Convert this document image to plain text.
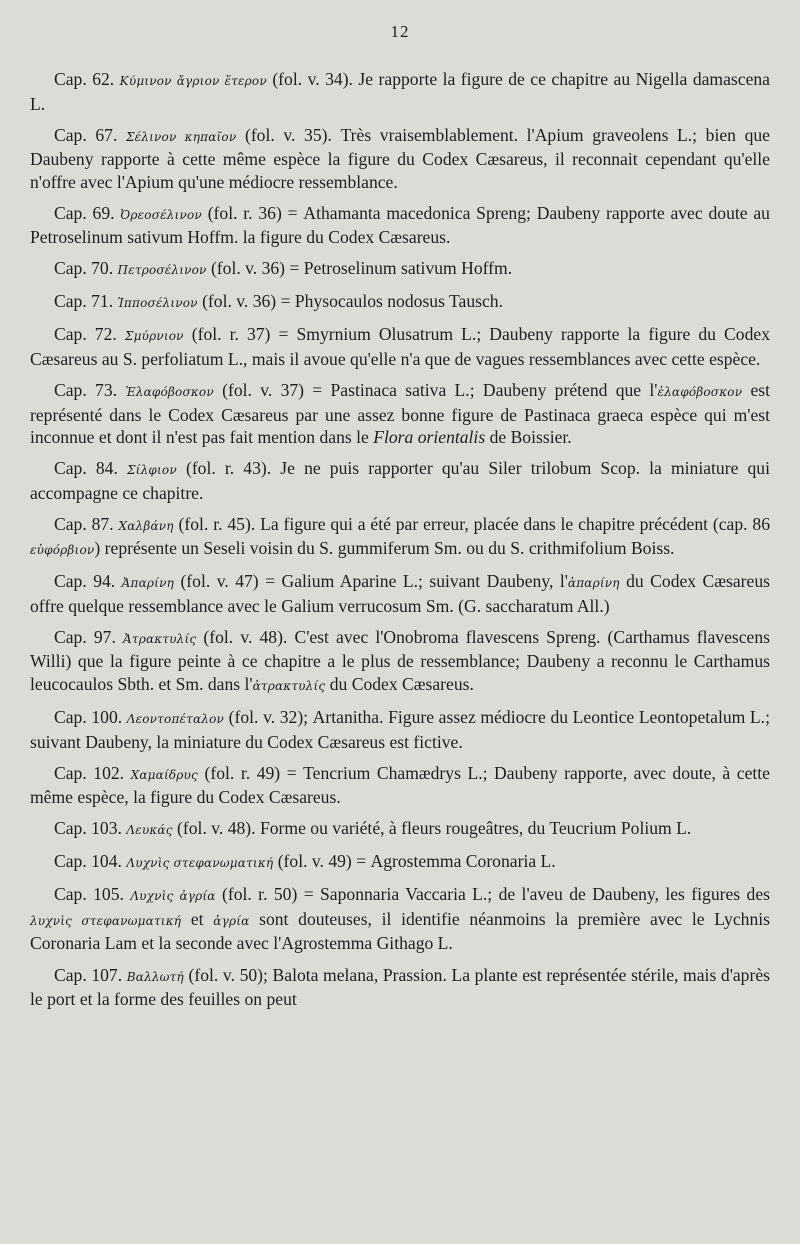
12

Cap. 62. Κύμινον ἄγριον ἕτερον (fol. v. 34). Je rapporte la figure de ce chapitre au Nigella damascena L.

Cap. 67. Σέλινον κηπαῖον (fol. v. 35). Très vraisemblablement. l'Apium graveolens L.; bien que Daubeny rapporte à cette même espèce la figure du Codex Cæsareus, il reconnait cependant qu'elle n'offre avec l'Apium qu'une médiocre ressemblance.

Cap. 69. Ὀρεοσέλινον (fol. r. 36) = Athamanta macedonica Spreng; Daubeny rapporte avec doute au Petroselinum sativum Hoffm. la figure du Codex Cæsareus.

Cap. 70. Πετροσέλινον (fol. v. 36) = Petroselinum sativum Hoffm.

Cap. 71. Ἱπποσέλινον (fol. v. 36) = Physocaulos nodosus Tausch.

Cap. 72. Σμύρνιον (fol. r. 37) = Smyrnium Olusatrum L.; Daubeny rapporte la figure du Codex Cæsareus au S. perfoliatum L., mais il avoue qu'elle n'a que de vagues ressemblances avec cette espèce.

Cap. 73. Ἐλαφόβοσκον (fol. v. 37) = Pastinaca sativa L.; Daubeny prétend que l'ἐλαφόβοσκον est représenté dans le Codex Cæsareus par une assez bonne figure de Pastinaca graeca espèce qui m'est inconnue et dont il n'est pas fait mention dans le Flora orientalis de Boissier.

Cap. 84. Σίλφιον (fol. r. 43). Je ne puis rapporter qu'au Siler trilobum Scop. la miniature qui accompagne ce chapitre.

Cap. 87. Χαλβάνη (fol. r. 45). La figure qui a été par erreur, placée dans le chapitre précédent (cap. 86 εὐφόρβιον) représente un Seseli voisin du S. gummiferum Sm. ou du S. crithmifolium Boiss.

Cap. 94. Ἀπαρίνη (fol. v. 47) = Galium Aparine L.; suivant Daubeny, l'ἀπαρίνη du Codex Cæsareus offre quelque ressemblance avec le Galium verrucosum Sm. (G. saccharatum All.)

Cap. 97. Ἀτρακτυλίς (fol. v. 48). C'est avec l'Onobroma flavescens Spreng. (Carthamus flavescens Willi) que la figure peinte à ce chapitre a le plus de ressemblance; Daubeny a reconnu le Carthamus leucocaulos Sbth. et Sm. dans l'ἀτρακτυλίς du Codex Cæsareus.

Cap. 100. Λεοντοπέταλον (fol. v. 32); Artanitha. Figure assez médiocre du Leontice Leontopetalum L.; suivant Daubeny, la miniature du Codex Cæsareus est fictive.

Cap. 102. Χαμαίδρυς (fol. r. 49) = Tencrium Chamædrys L.; Daubeny rapporte, avec doute, à cette même espèce, la figure du Codex Cæsareus.

Cap. 103. Λευκάς (fol. v. 48). Forme ou variété, à fleurs rougeâtres, du Teucrium Polium L.

Cap. 104. Λυχνὶς στεφανωματική (fol. v. 49) = Agrostemma Coronaria L.

Cap. 105. Λυχνὶς ἀγρία (fol. r. 50) = Saponnaria Vaccaria L.; de l'aveu de Daubeny, les figures des λυχνὶς στεφανωματική et ἀγρία sont douteuses, il identifie néanmoins la première avec le Lychnis Coronaria Lam et la seconde avec l'Agrostemma Githago L.

Cap. 107. Βαλλωτή (fol. v. 50); Balota melana, Prassion. La plante est représentée stérile, mais d'après le port et la forme des feuilles on peut
